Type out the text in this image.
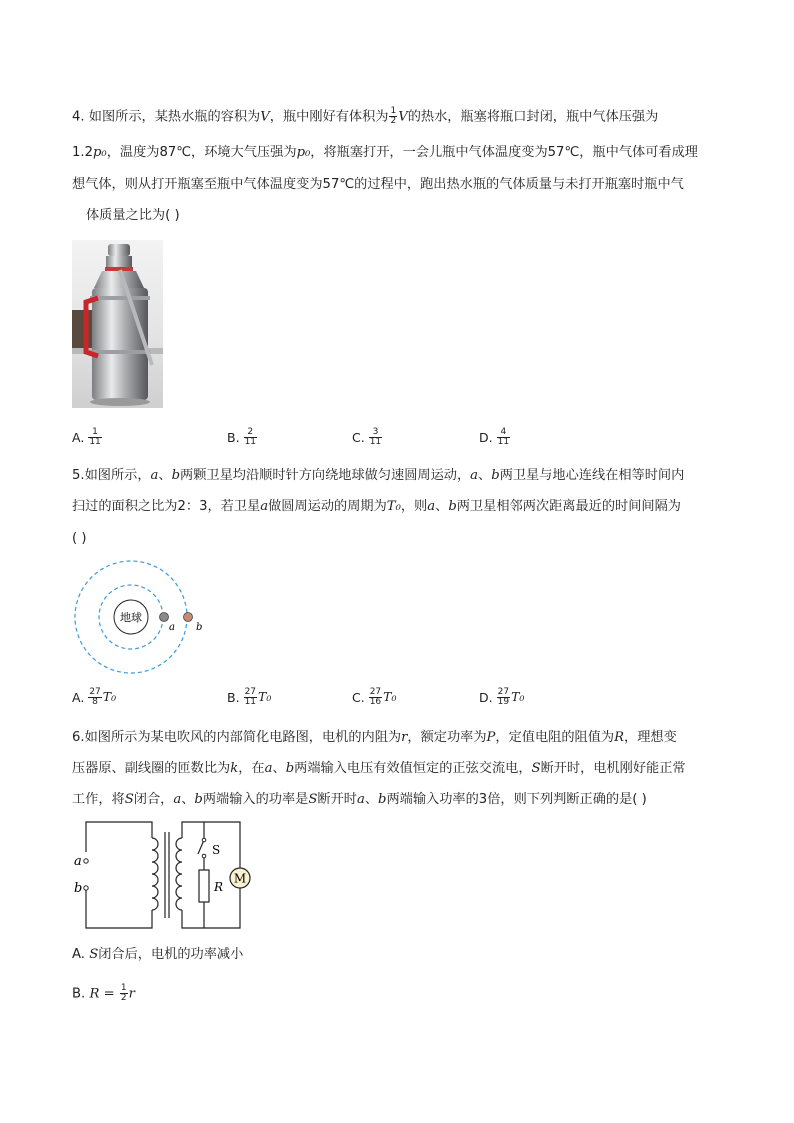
4. 如图所示，某热水瓶的容积为V，瓶中刚好有体积为 $\frac{1}{2}$ V的热水，瓶塞将瓶口封闭，瓶中气体压强为
1.2p₀，温度为87℃，环境大气压强为p₀，将瓶塞打开，一会儿瓶中气体温度变为57℃，瓶中气体可看成理
想气体，则从打开瓶塞至瓶中气体温度变为57℃的过程中，跑出热水瓶的气体质量与未打开瓶塞时瓶中气
体质量之比为( )
A. $\frac{1}{11}$	B. $\frac{2}{11}$	C. $\frac{3}{11}$	D. $\frac{4}{11}$
5.如图所示，a、b两颗卫星均沿顺时针方向绕地球做匀速圆周运动，a、b两卫星与地心连线在相等时间内
扫过的面积之比为2：3，若卫星a做圆周运动的周期为T₀，则a、b两卫星相邻两次距离最近的时间间隔为
( )
地球
a b
A. $\frac{27}{8} T_0$	B. $\frac{27}{11} T_0$	C. $\frac{27}{16} T_0$	D. $\frac{27}{19} T_0$
6.如图所示为某电吹风的内部简化电路图，电机的内阻为r，额定功率为P，定值电阻的阻值为R，理想变
压器原、副线圈的匝数比为k，在a、b两端输入电压有效值恒定的正弦交流电，S断开时，电机刚好能正常
工作，将S闭合，a、b两端输入的功率是S断开时a、b两端输入功率的3倍，则下列判断正确的是( )
M
a
b
S
R
A. S闭合后，电机的功率减小
B. $R = \frac{1}{2}$ r
